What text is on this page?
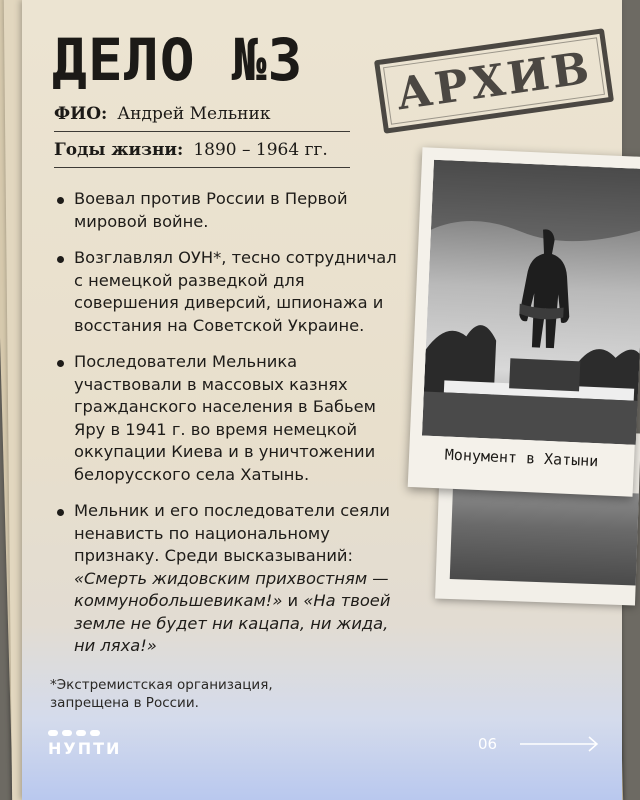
ДЕЛО №3	АРХИВ
ФИО: Андрей Мельник
Годы жизни: 1890 – 1964 гг.
Воевал против России в Первой мировой войне.
Возглавлял ОУН*, тесно сотрудничал с немецкой разведкой для совершения диверсий, шпионажа и восстания на Советской Украине.
Последователи Мельника участвовали в массовых казнях гражданского населения в Бабьем Яру в 1941 г. во время немецкой оккупации Киева и в уничтожении белорусского села Хатынь.
Мельник и его последователи сеяли ненависть по национальному признаку. Среди высказываний: «Смерть жидовским прихвостням — коммунобольшевикам!» и «На твоей земле не будет ни кацапа, ни жида, ни ляха!»
Монумент в Хатыни

*Экстремистская организация, запрещена в России.

НУПТИ	06
